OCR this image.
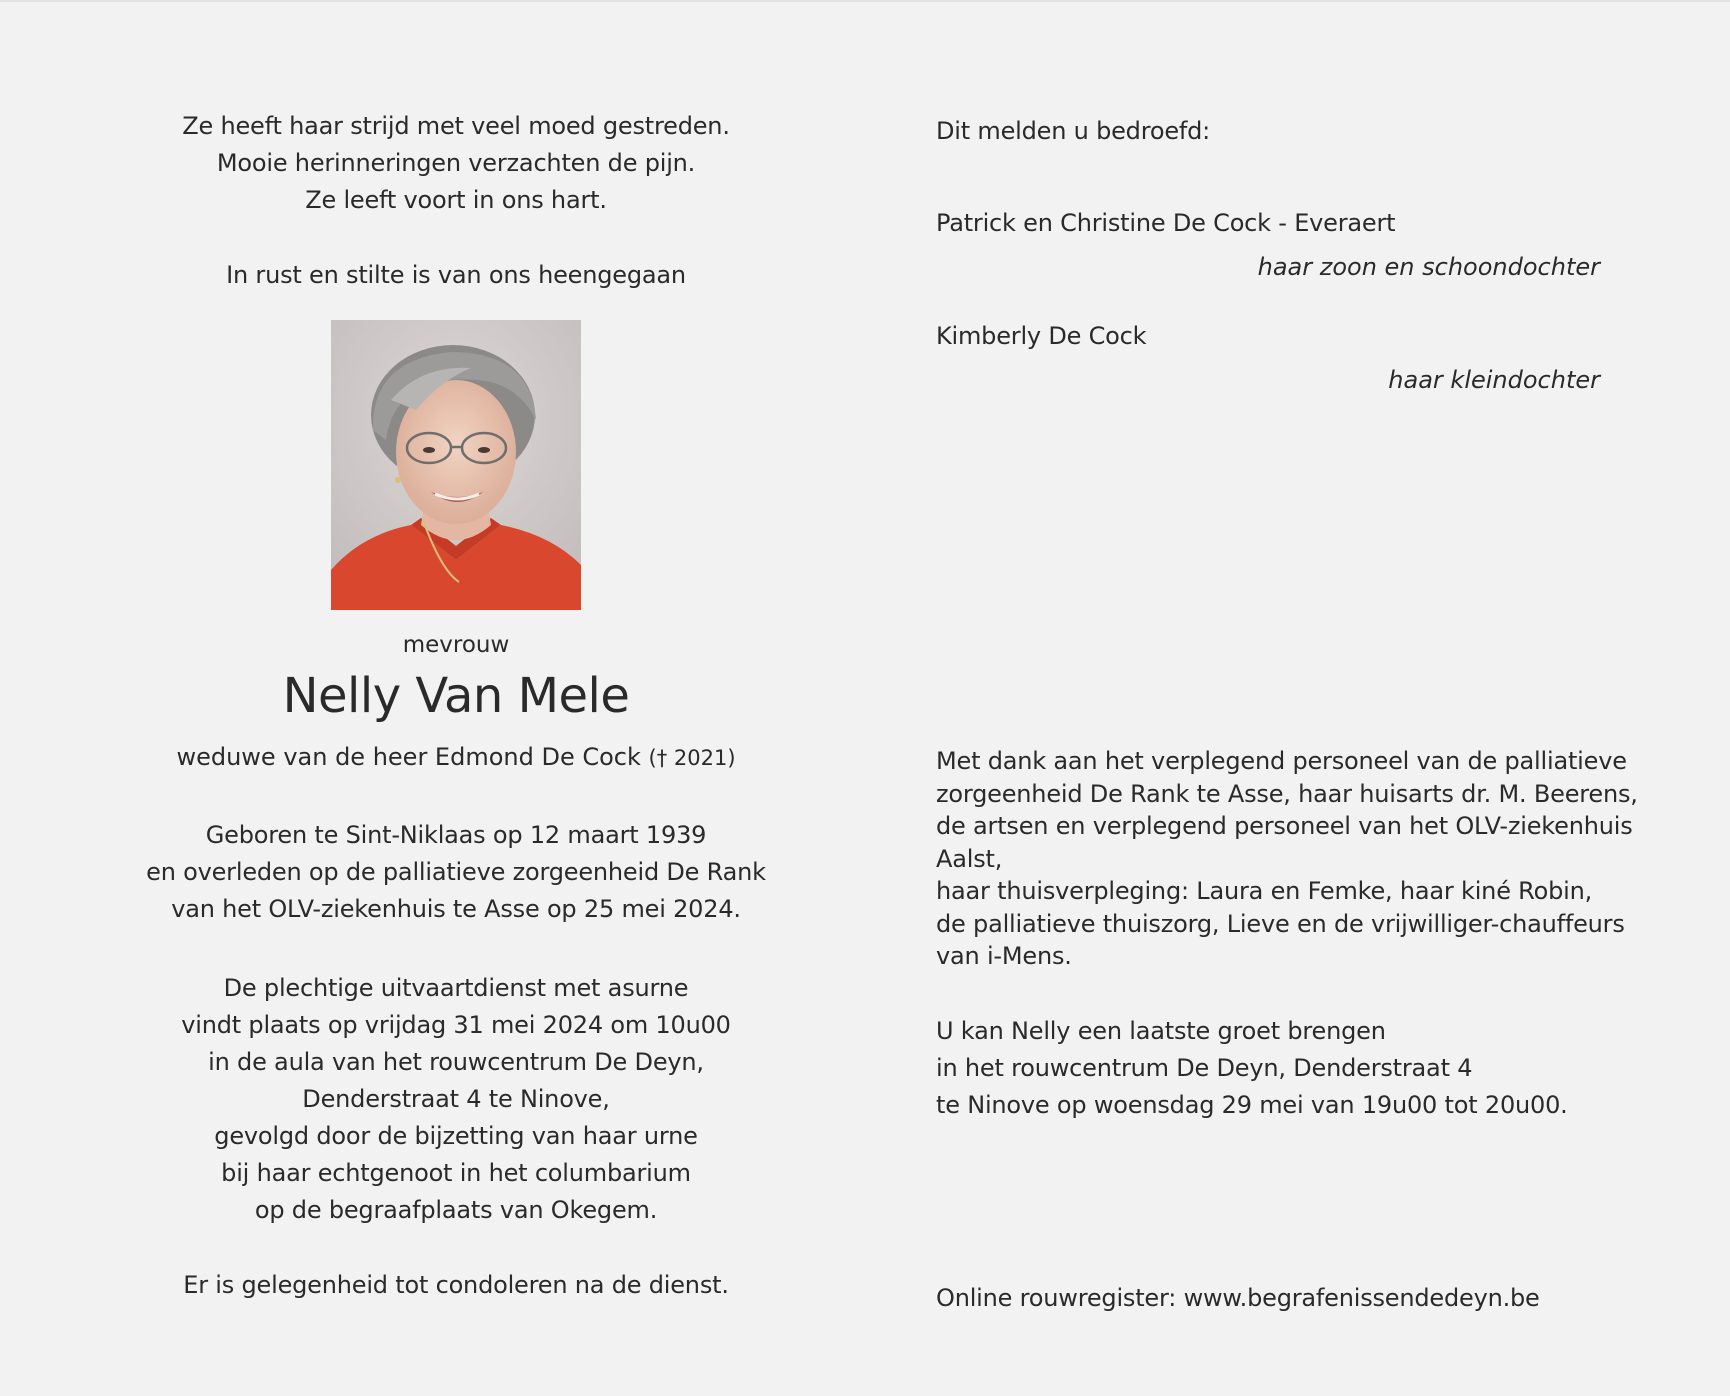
Ze heeft haar strijd met veel moed gestreden.
Mooie herinneringen verzachten de pijn.
Ze leeft voort in ons hart.
In rust en stilte is van ons heengegaan
mevrouw
Nelly Van Mele
weduwe van de heer Edmond De Cock († 2021)
Geboren te Sint-Niklaas op 12 maart 1939
en overleden op de palliatieve zorgeenheid De Rank
van het OLV-ziekenhuis te Asse op 25 mei 2024.
De plechtige uitvaartdienst met asurne
vindt plaats op vrijdag 31 mei 2024 om 10u00
in de aula van het rouwcentrum De Deyn,
Denderstraat 4 te Ninove,
gevolgd door de bijzetting van haar urne
bij haar echtgenoot in het columbarium
op de begraafplaats van Okegem.
Er is gelegenheid tot condoleren na de dienst.
Dit melden u bedroefd:
Patrick en Christine De Cock - Everaert
haar zoon en schoondochter
Kimberly De Cock
haar kleindochter
Met dank aan het verplegend personeel van de palliatieve
zorgeenheid De Rank te Asse, haar huisarts dr. M. Beerens,
de artsen en verplegend personeel van het OLV-ziekenhuis Aalst,
haar thuisverpleging: Laura en Femke, haar kiné Robin,
de palliatieve thuiszorg, Lieve en de vrijwilliger-chauffeurs
van i-Mens.
U kan Nelly een laatste groet brengen
in het rouwcentrum De Deyn, Denderstraat 4
te Ninove op woensdag 29 mei van 19u00 tot 20u00.
Online rouwregister: www.begrafenissendedeyn.be
